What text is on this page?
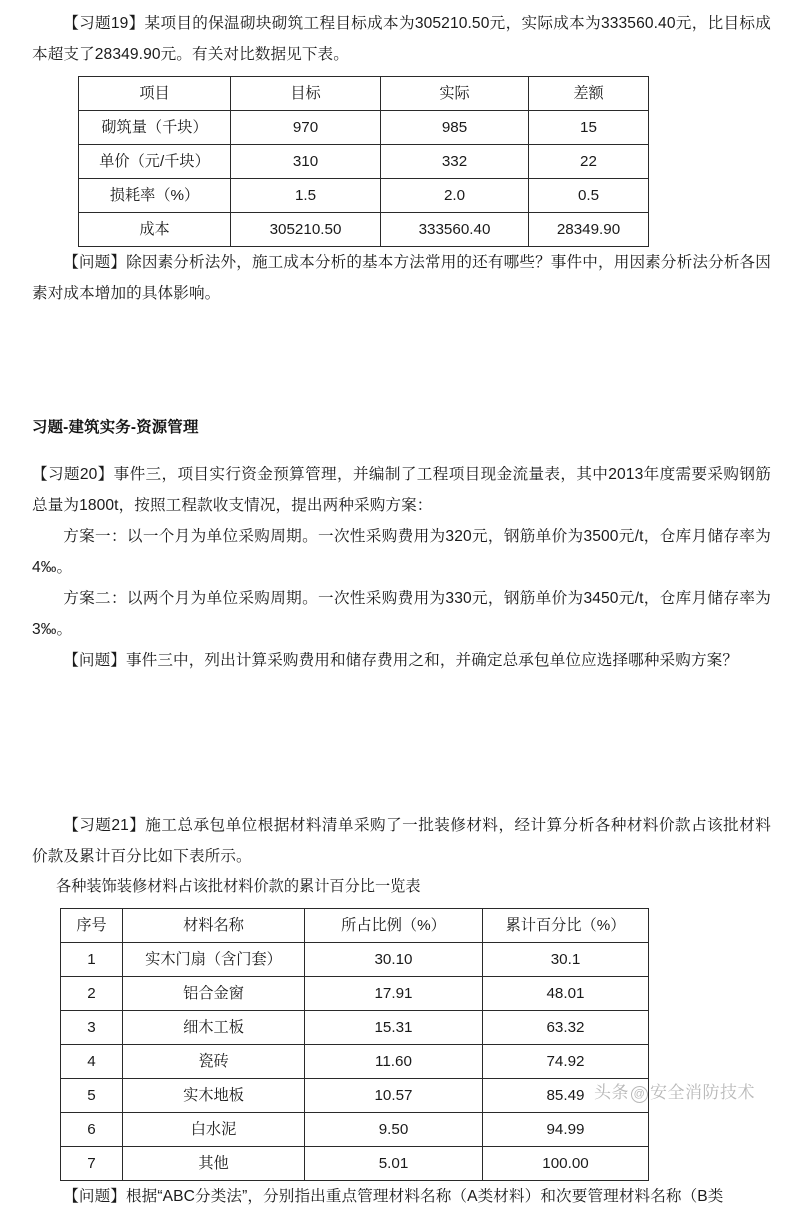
【习题19】某项目的保温砌块砌筑工程目标成本为305210.50元，实际成本为333560.40元，比目标成本超支了28349.90元。有关对比数据见下表。

项目	目标	实际	差额
砌筑量（千块）	970	985	15
单价（元/千块）	310	332	22
损耗率（%）	1.5	2.0	0.5
成本	305210.50	333560.40	28349.90

【问题】除因素分析法外，施工成本分析的基本方法常用的还有哪些？事件中，用因素分析法分析各因素对成本增加的具体影响。

习题-建筑实务-资源管理

【习题20】事件三，项目实行资金预算管理，并编制了工程项目现金流量表，其中2013年度需要采购钢筋总量为1800t，按照工程款收支情况，提出两种采购方案：

方案一：以一个月为单位采购周期。一次性采购费用为320元，钢筋单价为3500元/t，仓库月储存率为4‰。

方案二：以两个月为单位采购周期。一次性采购费用为330元，钢筋单价为3450元/t，仓库月储存率为3‰。

【问题】事件三中，列出计算采购费用和储存费用之和，并确定总承包单位应选择哪种采购方案？

【习题21】施工总承包单位根据材料清单采购了一批装修材料，经计算分析各种材料价款占该批材料价款及累计百分比如下表所示。

各种装饰装修材料占该批材料价款的累计百分比一览表

序号	材料名称	所占比例（%）	累计百分比（%）
1	实木门扇（含门套）	30.10	30.1
2	铝合金窗	17.91	48.01
3	细木工板	15.31	63.32
4	瓷砖	11.60	74.92
5	实木地板	10.57	85.49
6	白水泥	9.50	94.99
7	其他	5.01	100.00

【问题】根据“ABC分类法”，分别指出重点管理材料名称（A类材料）和次要管理材料名称（B类

头条 @ 安全消防技术
